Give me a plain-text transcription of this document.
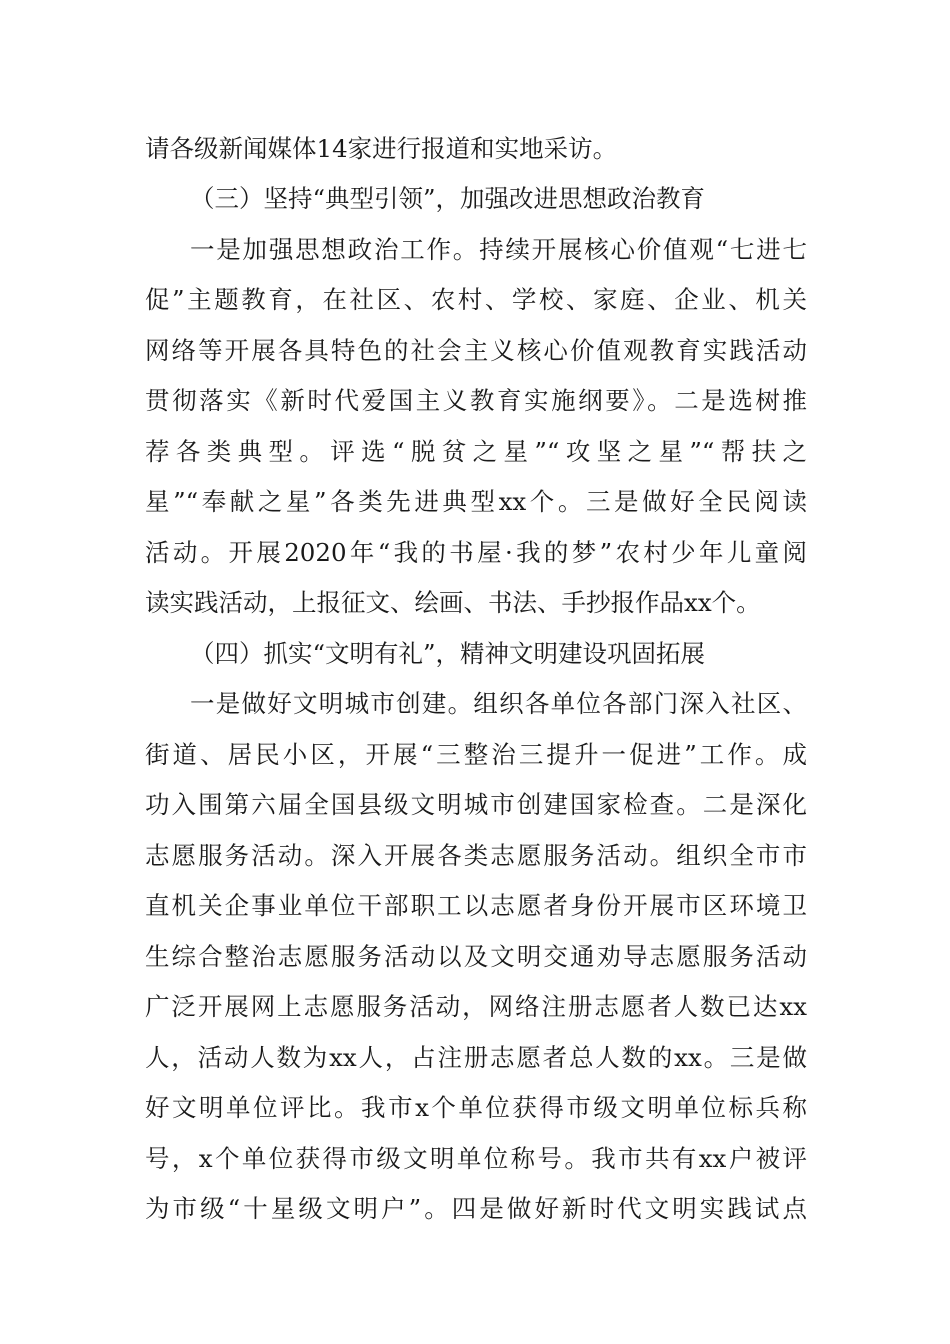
请各级新闻媒体14家进行报道和实地采访。
（三）坚持“典型引领”，加强改进思想政治教育
一是加强思想政治工作。持续开展核心价值观“七进七
促”主题教育，在社区、农村、学校、家庭、企业、机关
网络等开展各具特色的社会主义核心价值观教育实践活动
贯彻落实《新时代爱国主义教育实施纲要》。二是选树推
荐各类典型。评选“脱贫之星”“攻坚之星”“帮扶之
星”“奉献之星”各类先进典型xx个。三是做好全民阅读
活动。开展2020年“我的书屋·我的梦”农村少年儿童阅
读实践活动，上报征文、绘画、书法、手抄报作品xx个。
（四）抓实“文明有礼”，精神文明建设巩固拓展
一是做好文明城市创建。组织各单位各部门深入社区、
街道、居民小区，开展“三整治三提升一促进”工作。成
功入围第六届全国县级文明城市创建国家检查。二是深化
志愿服务活动。深入开展各类志愿服务活动。组织全市市
直机关企事业单位干部职工以志愿者身份开展市区环境卫
生综合整治志愿服务活动以及文明交通劝导志愿服务活动
广泛开展网上志愿服务活动，网络注册志愿者人数已达xx
人，活动人数为xx人，占注册志愿者总人数的xx。三是做
好文明单位评比。我市x个单位获得市级文明单位标兵称
号，x个单位获得市级文明单位称号。我市共有xx户被评
为市级“十星级文明户”。四是做好新时代文明实践试点
